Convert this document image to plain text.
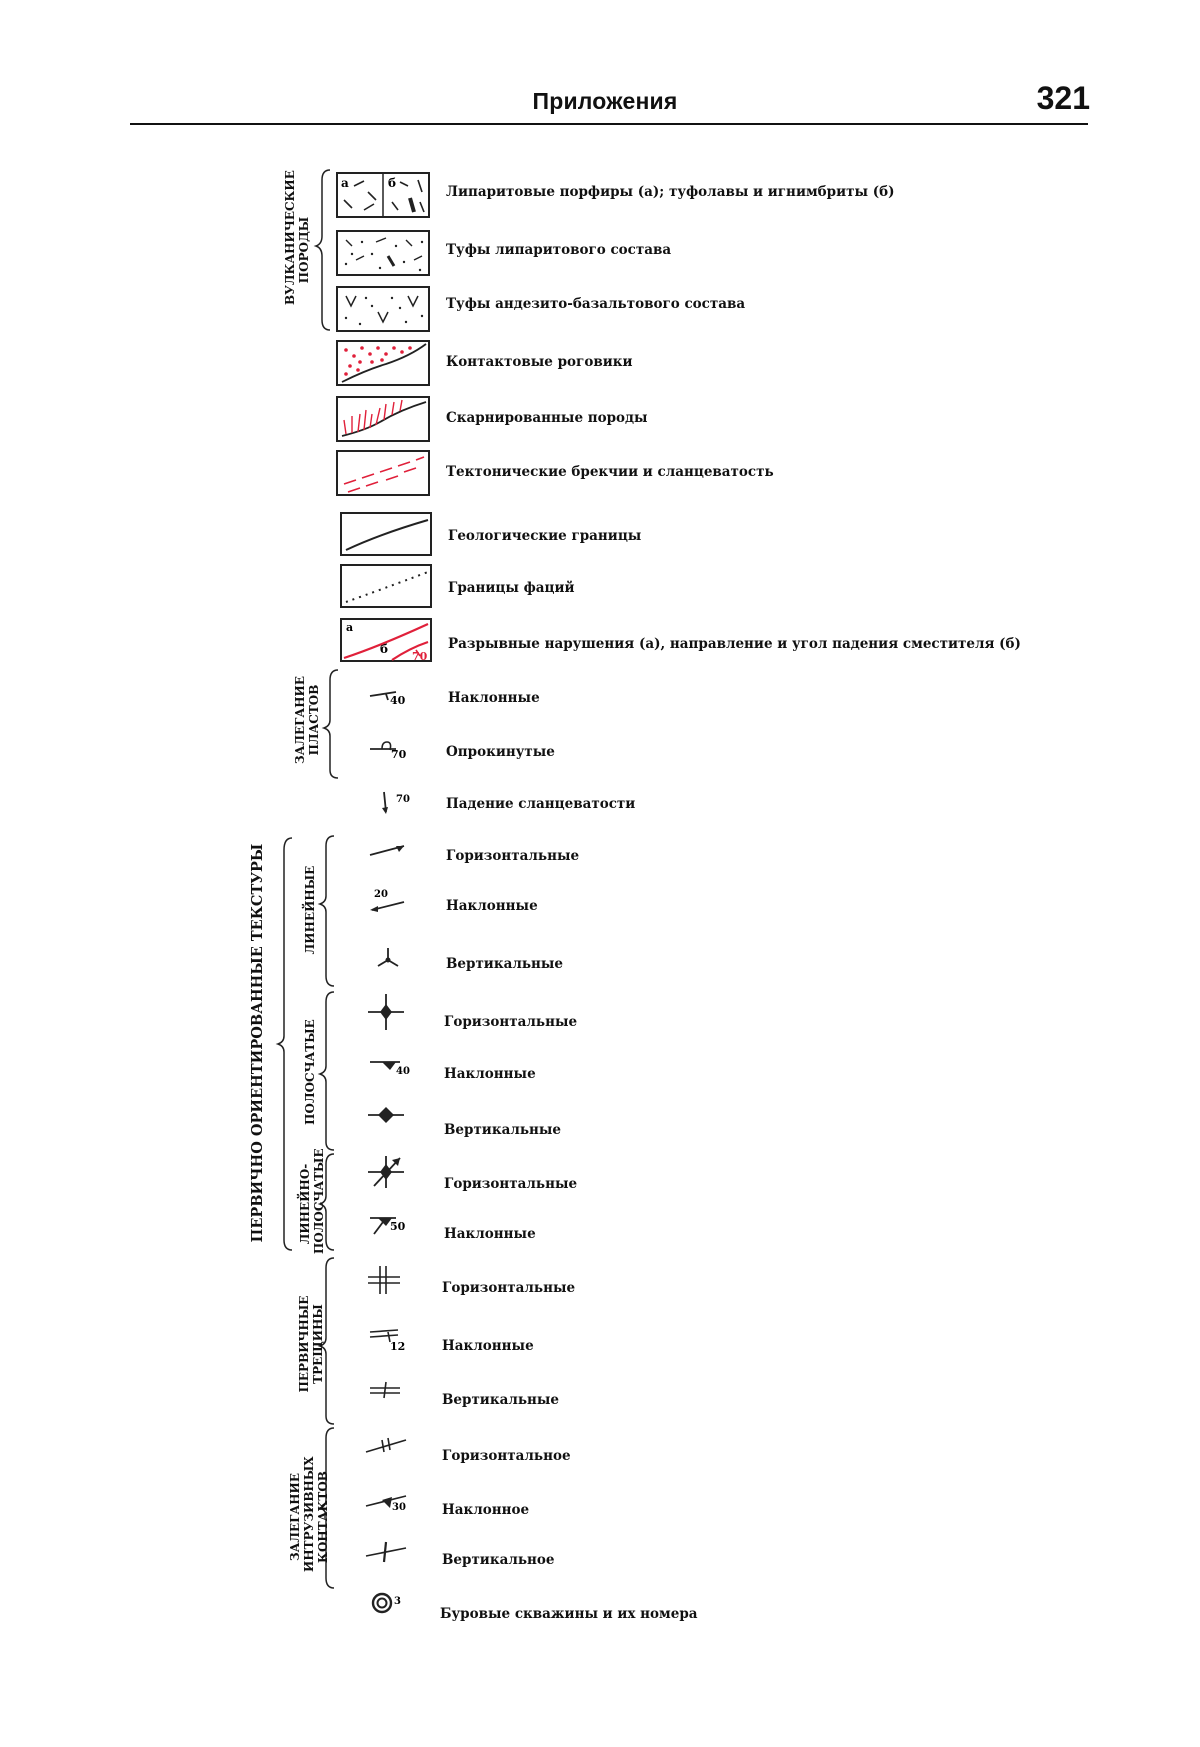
Приложения	321
ВУЛКАНИЧЕСКИЕ
ПОРОДЫ
ЗАЛЕГАНИЕ
ПЛАСТОВ
ПЕРВИЧНО ОРИЕНТИРОВАННЫЕ ТЕКСТУРЫ	ЛИНЕЙНЫЕ
ПОЛОСЧАТЫЕ
ЛИНЕЙНО-
ПОЛОСЧАТЫЕ
ПЕРВИЧНЫЕ
ТРЕЩИНЫ
ЗАЛЕГАНИЕ
ИНТРУЗИВНЫХ
КОНТАКТОВ
а	б
а
б
70
40
70
70
20
40
50
12
30
3
Липаритовые порфиры (а); туфолавы и игнимбриты (б)
Туфы липаритового состава
Туфы андезито-базальтового состава
Контактовые роговики
Скарнированные породы
Тектонические брекчии и сланцеватость
Геологические границы
Границы фаций
Разрывные нарушения (а), направление и угол падения сместителя (б)
Наклонные
Опрокинутые
Падение сланцеватости
Горизонтальные
Наклонные
Вертикальные
Горизонтальные
Наклонные
Вертикальные
Горизонтальные
Наклонные
Горизонтальные
Наклонные
Вертикальные
Горизонтальное
Наклонное
Вертикальное
Буровые скважины и их номера
